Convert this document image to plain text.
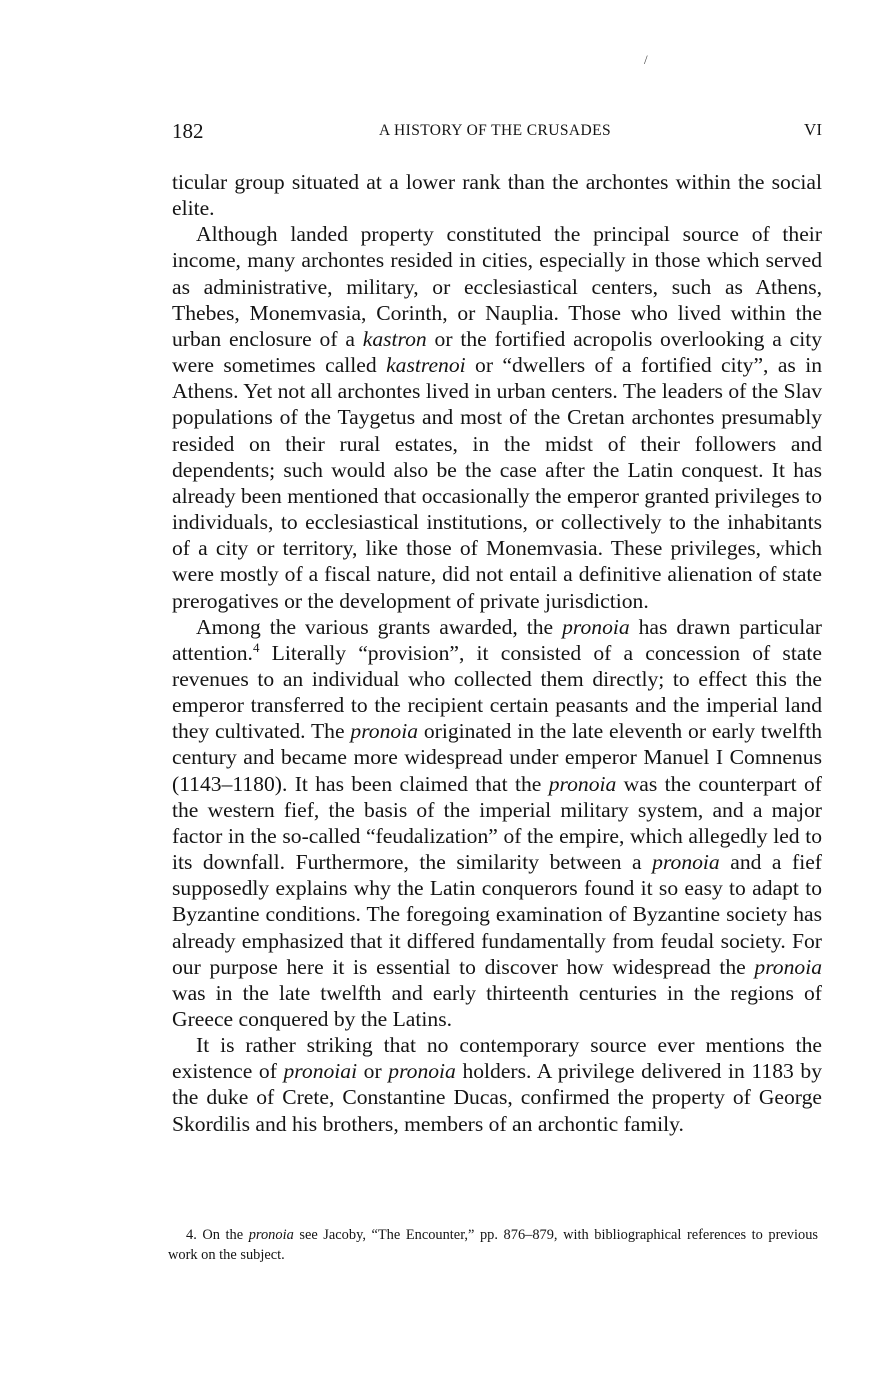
/
182	A HISTORY OF THE CRUSADES	VI

ticular group situated at a lower rank than the archontes within the social elite.

Although landed property constituted the principal source of their income, many archontes resided in cities, especially in those which served as administrative, military, or ecclesiastical centers, such as Athens, Thebes, Monemvasia, Corinth, or Nauplia. Those who lived within the urban enclosure of a kastron or the fortified acropolis overlooking a city were sometimes called kastrenoi or “dwellers of a fortified city”, as in Athens. Yet not all archontes lived in urban centers. The leaders of the Slav populations of the Taygetus and most of the Cretan archontes presumably resided on their rural estates, in the midst of their followers and dependents; such would also be the case after the Latin conquest. It has already been mentioned that occasionally the emperor granted privileges to individuals, to ecclesiastical institutions, or collectively to the inhabitants of a city or territory, like those of Monemvasia. These privileges, which were mostly of a fiscal nature, did not entail a definitive alienation of state prerogatives or the development of private jurisdiction.

Among the various grants awarded, the pronoia has drawn particular attention.$^4$ Literally “provision”, it consisted of a concession of state revenues to an individual who collected them directly; to effect this the emperor transferred to the recipient certain peasants and the imperial land they cultivated. The pronoia originated in the late eleventh or early twelfth century and became more widespread under emperor Manuel I Comnenus (1143–1180). It has been claimed that the pronoia was the counterpart of the western fief, the basis of the imperial military system, and a major factor in the so-called “feudalization” of the empire, which allegedly led to its downfall. Furthermore, the similarity between a pronoia and a fief supposedly explains why the Latin conquerors found it so easy to adapt to Byzantine conditions. The foregoing examination of Byzantine society has already emphasized that it differed fundamentally from feudal society. For our purpose here it is essential to discover how widespread the pronoia was in the late twelfth and early thirteenth centuries in the regions of Greece conquered by the Latins.

It is rather striking that no contemporary source ever mentions the existence of pronoiai or pronoia holders. A privilege delivered in 1183 by the duke of Crete, Constantine Ducas, confirmed the property of George Skordilis and his brothers, members of an archontic family.

4. On the pronoia see Jacoby, “The Encounter,” pp. 876–879, with bibliographical references to previous work on the subject.
